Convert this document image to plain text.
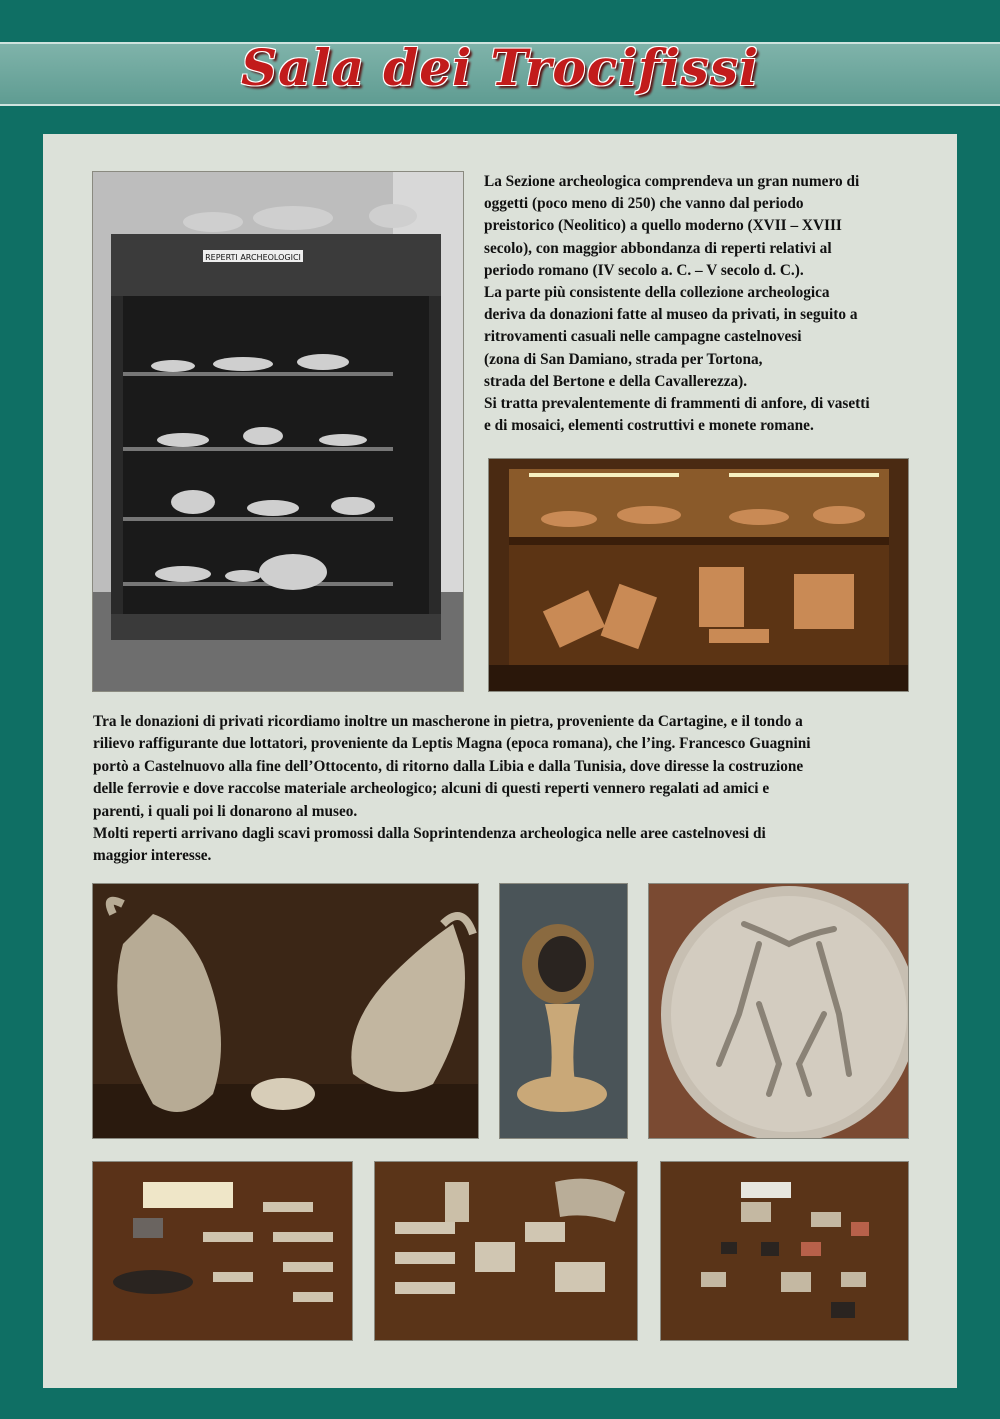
Sala dei Trocifissi
REPERTI ARCHEOLOGICI

La Sezione archeologica comprendeva un gran numero di

oggetti (poco meno di 250) che vanno dal periodo

preistorico (Neolitico) a quello moderno (XVII – XVIII

secolo), con maggior abbondanza di reperti relativi al

periodo romano (IV secolo a. C. – V secolo d. C.).

La parte più consistente della collezione archeologica

deriva da donazioni fatte al museo da privati, in seguito a

ritrovamenti casuali nelle campagne castelnovesi

(zona di San Damiano, strada per Tortona,

strada del Bertone e della Cavallerezza).

Si tratta prevalentemente di frammenti di anfore, di vasetti

e di mosaici, elementi costruttivi e monete romane.

Tra le donazioni di privati ricordiamo inoltre un mascherone in pietra, proveniente da Cartagine, e il tondo a

rilievo raffigurante due lottatori, proveniente da Leptis Magna (epoca romana), che l’ing. Francesco Guagnini

portò a Castelnuovo alla fine dell’Ottocento, di ritorno dalla Libia e dalla Tunisia, dove diresse la costruzione

delle ferrovie e dove raccolse materiale archeologico; alcuni di questi reperti vennero regalati ad amici e

parenti, i quali poi li donarono al museo.

Molti reperti arrivano dagli scavi promossi dalla Soprintendenza archeologica nelle aree castelnovesi di

maggior interesse.
